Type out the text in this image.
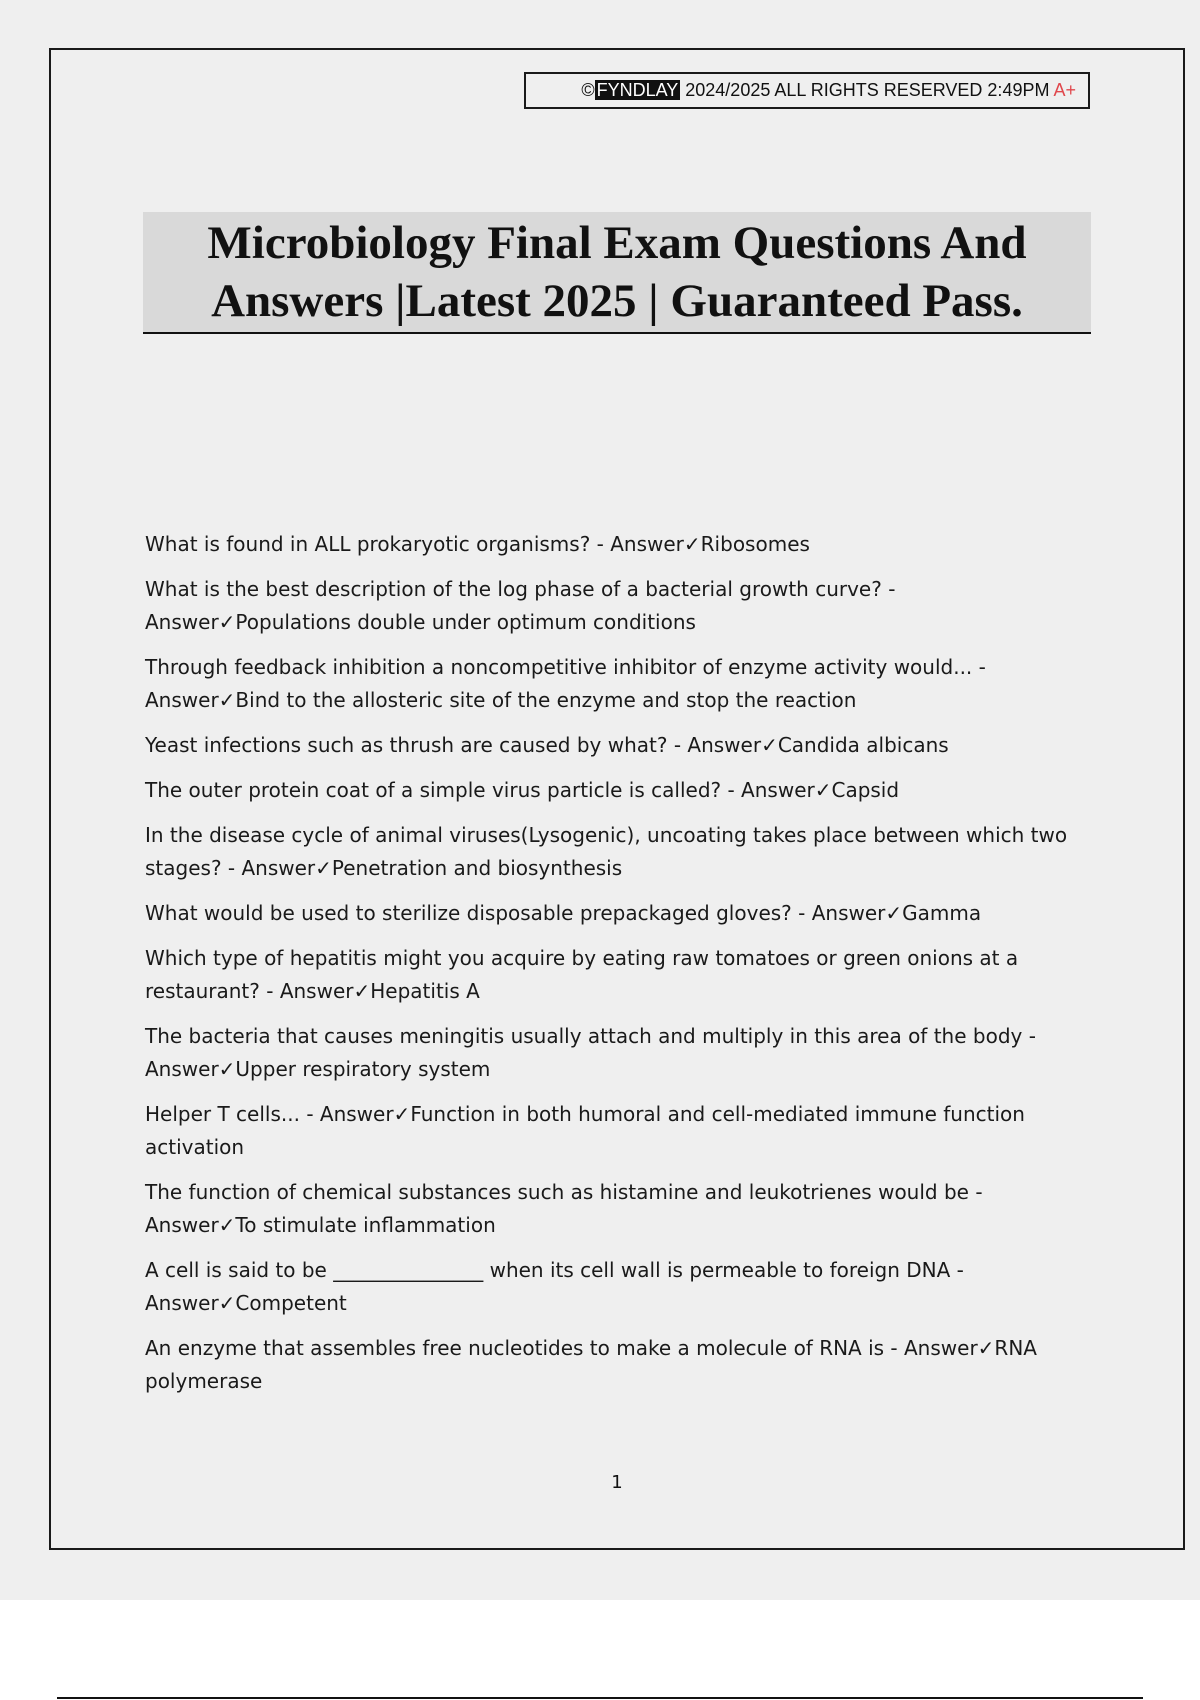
© FYNDLAY 2024/2025 ALL RIGHTS RESERVED 2:49PM A+
Microbiology Final Exam Questions And
Answers |Latest 2025 | Guaranteed Pass.

What is found in ALL prokaryotic organisms? - Answer✓Ribosomes

What is the best description of the log phase of a bacterial growth curve? - Answer✓Populations double under optimum conditions

Through feedback inhibition a noncompetitive inhibitor of enzyme activity would... - Answer✓Bind to the allosteric site of the enzyme and stop the reaction

Yeast infections such as thrush are caused by what? - Answer✓Candida albicans

The outer protein coat of a simple virus particle is called? - Answer✓Capsid

In the disease cycle of animal viruses(Lysogenic), uncoating takes place between which two stages? - Answer✓Penetration and biosynthesis

What would be used to sterilize disposable prepackaged gloves? - Answer✓Gamma

Which type of hepatitis might you acquire by eating raw tomatoes or green onions at a restaurant? - Answer✓Hepatitis A

The bacteria that causes meningitis usually attach and multiply in this area of the body - Answer✓Upper respiratory system

Helper T cells... - Answer✓Function in both humoral and cell-mediated immune function activation

The function of chemical substances such as histamine and leukotrienes would be - Answer✓To stimulate inflammation

A cell is said to be _______________ when its cell wall is permeable to foreign DNA - Answer✓Competent

An enzyme that assembles free nucleotides to make a molecule of RNA is - Answer✓RNA polymerase

1
